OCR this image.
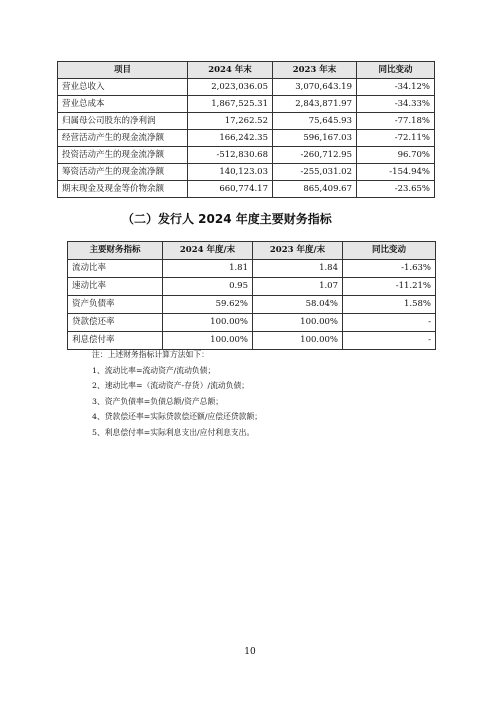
项目	2024 年末	2023 年末	同比变动
营业总收入	2,023,036.05	3,070,643.19	-34.12%
营业总成本	1,867,525.31	2,843,871.97	-34.33%
归属母公司股东的净利润	17,262.52	75,645.93	-77.18%
经营活动产生的现金流净额	166,242.35	596,167.03	-72.11%
投资活动产生的现金流净额	-512,830.68	-260,712.95	96.70%
筹资活动产生的现金流净额	140,123.03	-255,031.02	-154.94%
期末现金及现金等价物余额	660,774.17	865,409.67	-23.65%
（二）发行人 2024 年度主要财务指标
主要财务指标	2024 年度/末	2023 年度/末	同比变动
流动比率	1.81	1.84	-1.63%
速动比率	0.95	1.07	-11.21%
资产负债率	59.62%	58.04%	1.58%
贷款偿还率	100.00%	100.00%	-
利息偿付率	100.00%	100.00%	-
注：上述财务指标计算方法如下：
1、流动比率=流动资产/流动负债；
2、速动比率=（流动资产-存货）/流动负债；
3、资产负债率=负债总额/资产总额；
4、贷款偿还率=实际贷款偿还额/应偿还贷款额；
5、利息偿付率=实际利息支出/应付利息支出。
10
